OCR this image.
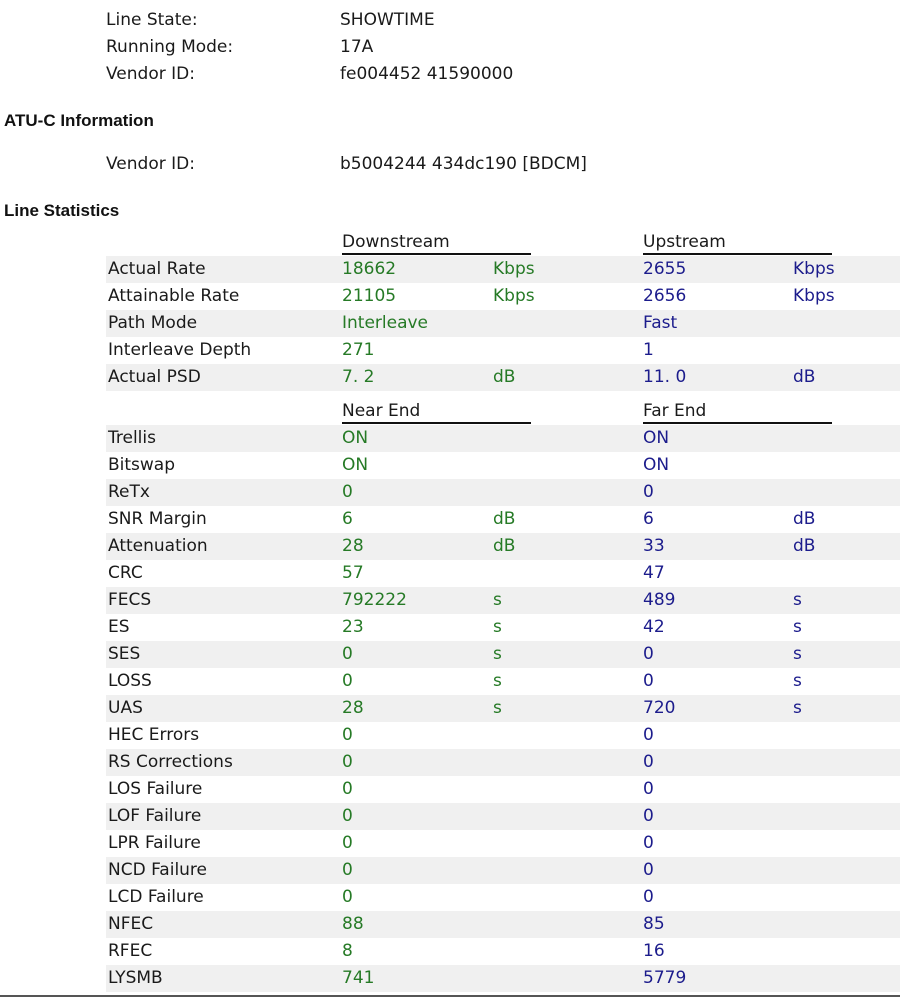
Line State:	SHOWTIME
Running Mode:	17A
Vendor ID:	fe004452 41590000
ATU-C Information
Vendor ID:	b5004244 434dc190 [BDCM]
Line Statistics
Downstream	Upstream
Actual Rate	18662	Kbps	2655	Kbps
Attainable Rate	21105	Kbps	2656	Kbps
Path Mode	Interleave	Fast
Interleave Depth	271	1
Actual PSD	7. 2	dB	11. 0	dB
Near End	Far End
Trellis	ON	ON
Bitswap	ON	ON
ReTx	0	0
SNR Margin	6	dB	6	dB
Attenuation	28	dB	33	dB
CRC	57	47
FECS	792222	s	489	s
ES	23	s	42	s
SES	0	s	0	s
LOSS	0	s	0	s
UAS	28	s	720	s
HEC Errors	0	0
RS Corrections	0	0
LOS Failure	0	0
LOF Failure	0	0
LPR Failure	0	0
NCD Failure	0	0
LCD Failure	0	0
NFEC	88	85
RFEC	8	16
LYSMB	741	5779
